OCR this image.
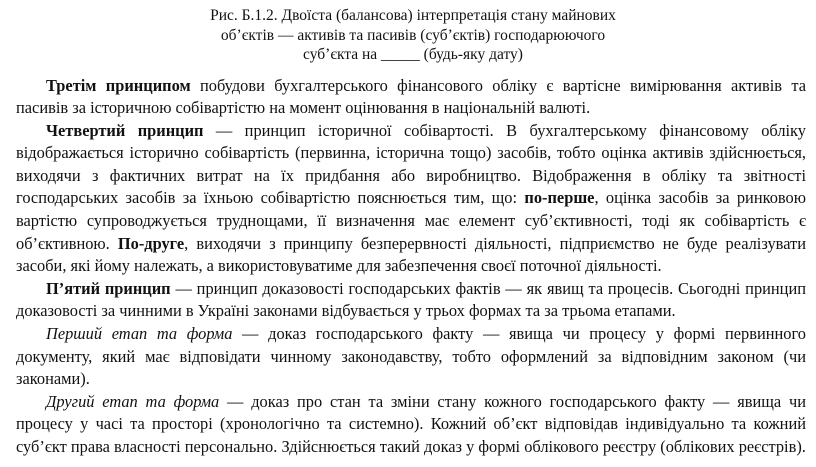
Рис. Б.1.2. Двоїста (балансова) інтерпретація стану майнових
об’єктів — активів та пасивів (суб’єктів) господарюючого
суб’єкта на _____ (будь-яку дату)

Третім принципом побудови бухгалтерського фінансового обліку є вартісне вимірювання активів та пасивів за історичною собівартістю на момент оцінювання в національній валюті.

Четвертий принцип — принцип історичної собівартості. В бухгалтерському фінансовому обліку відображається історично собівартість (первинна, історична тощо) засобів, тобто оцінка активів здійснюється, виходячи з фактичних витрат на їх придбання або виробництво. Відображення в обліку та звітності господарських засобів за їхньою собівартістю пояснюється тим, що: по-перше, оцінка засобів за ринковою вартістю супроводжується труднощами, її визначення має елемент суб’єктивності, тоді як собівартість є об’єктивною. По-друге, виходячи з принципу безперервності діяльності, підприємство не буде реалізувати засоби, які йому належать, а використовуватиме для забезпечення своєї поточної діяльності.

П’ятий принцип — принцип доказовості господарських фактів — як явищ та процесів. Сьогодні принцип доказовості за чинними в Україні законами відбувається у трьох формах та за трьома етапами.

Перший етап та форма — доказ господарського факту — явища чи процесу у формі первинного документу, який має відповідати чинному законодавству, тобто оформлений за відповідним законом (чи законами).

Другий етап та форма — доказ про стан та зміни стану кожного господарського факту — явища чи процесу у часі та просторі (хронологічно та системно). Кожний об’єкт відповідав індивідуально та кожний суб’єкт права власності персонально. Здійснюється такий доказ у формі облікового реєстру (облікових реєстрів).
